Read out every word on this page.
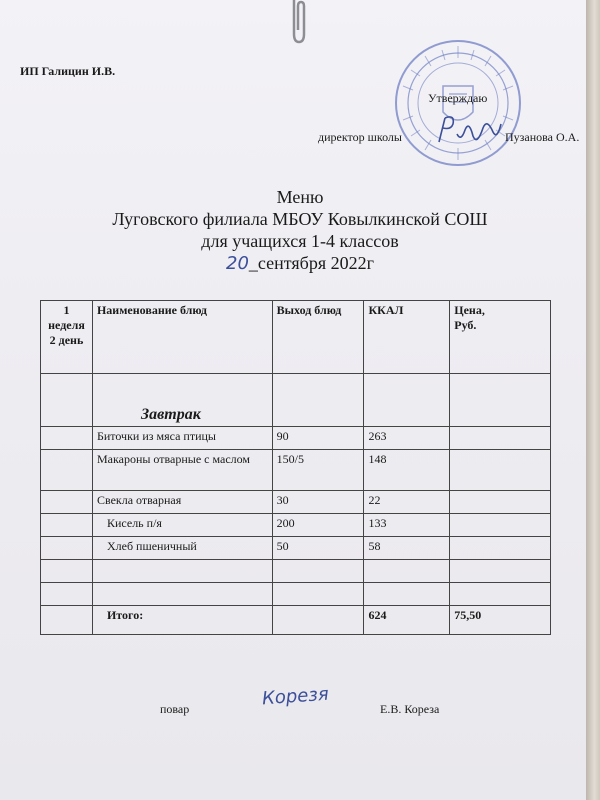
ИП Галицин И.В.
Утверждаю
директор школы	Пузанова О.А.
Меню
Луговского филиала МБОУ Ковылкинской СОШ
для учащихся 1-4 классов
20_сентября 2022г
1 неделя
2 день	Наименование блюд	Выход блюд	ККАЛ	Цена,
Руб.
	Завтрак			
	Биточки из мяса птицы	90	263	
	Макароны отварные с маслом	150/5	148	
	Свекла отварная	30	22	
	Кисель п/я	200	133	
	Хлеб пшеничный	50	58	

	Итого:		624	75,50
повар	Корезя	Е.В. Кореза
